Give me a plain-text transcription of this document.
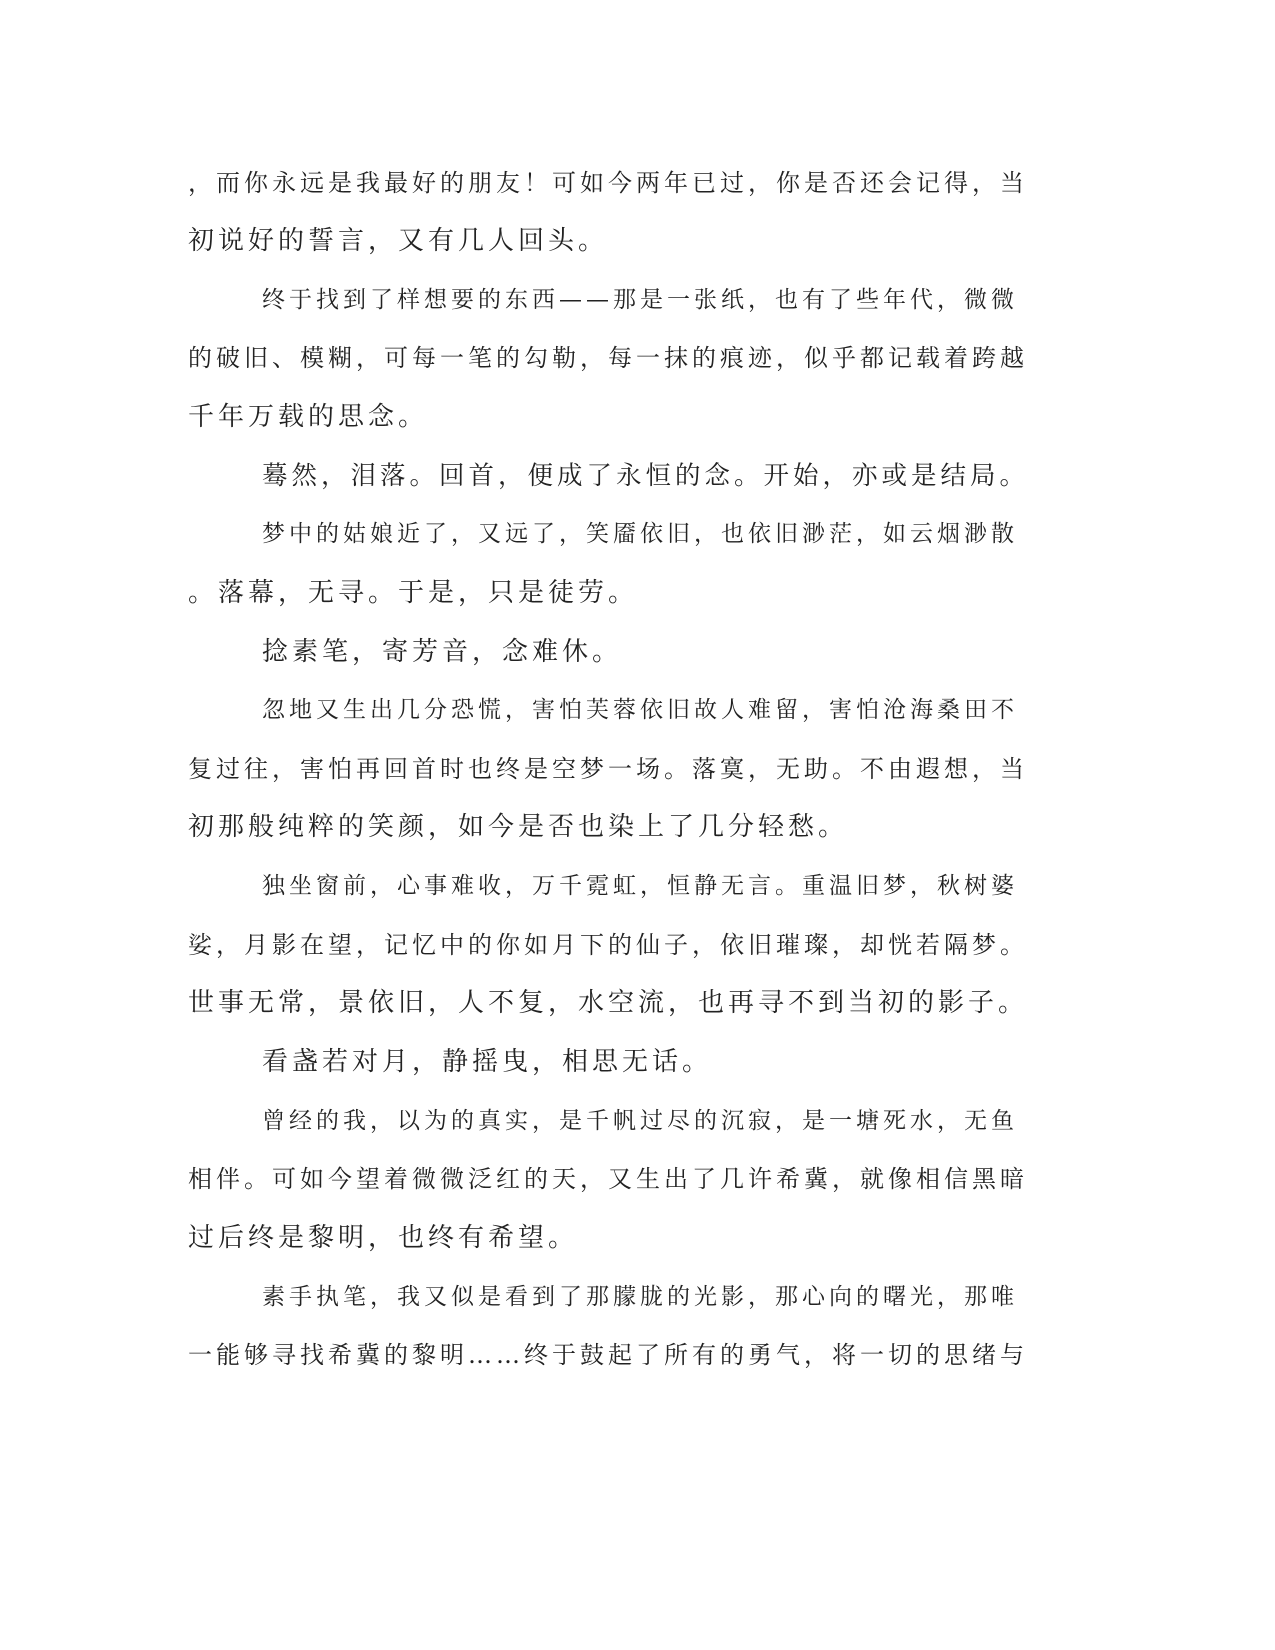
，而你永远是我最好的朋友！可如今两年已过，你是否还会记得，当

初说好的誓言，又有几人回头。

终于找到了样想要的东西——那是一张纸，也有了些年代，微微

的破旧、模糊，可每一笔的勾勒，每一抹的痕迹，似乎都记载着跨越

千年万载的思念。

蓦然，泪落。回首，便成了永恒的念。开始，亦或是结局。

梦中的姑娘近了，又远了，笑靥依旧，也依旧渺茫，如云烟渺散

。落幕，无寻。于是，只是徒劳。

捻素笔，寄芳音，念难休。

忽地又生出几分恐慌，害怕芙蓉依旧故人难留，害怕沧海桑田不

复过往，害怕再回首时也终是空梦一场。落寞，无助。不由遐想，当

初那般纯粹的笑颜，如今是否也染上了几分轻愁。

独坐窗前，心事难收，万千霓虹，恒静无言。重温旧梦，秋树婆

娑，月影在望，记忆中的你如月下的仙子，依旧璀璨，却恍若隔梦。

世事无常，景依旧，人不复，水空流，也再寻不到当初的影子。

看盏若对月，静摇曳，相思无话。

曾经的我，以为的真实，是千帆过尽的沉寂，是一塘死水，无鱼

相伴。可如今望着微微泛红的天，又生出了几许希冀，就像相信黑暗

过后终是黎明，也终有希望。

素手执笔，我又似是看到了那朦胧的光影，那心向的曙光，那唯

一能够寻找希冀的黎明……终于鼓起了所有的勇气，将一切的思绪与
